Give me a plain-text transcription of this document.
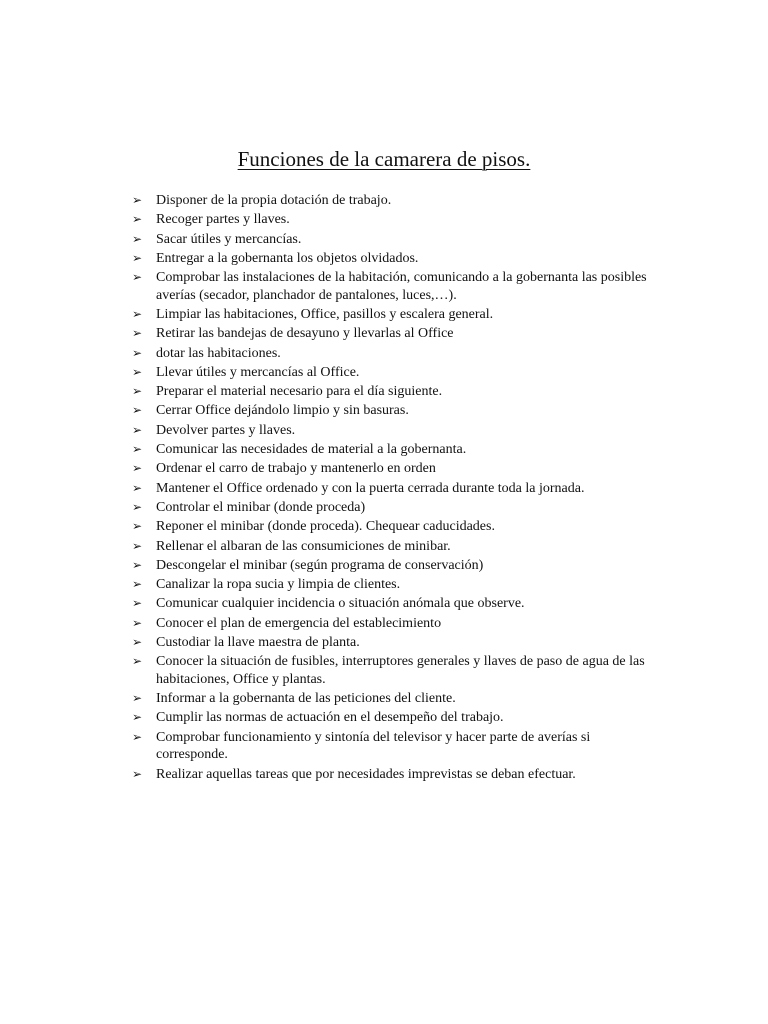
Funciones de la camarera de pisos.
➢ Disponer de la propia dotación de trabajo.
➢ Recoger partes y llaves.
➢ Sacar útiles y mercancías.
➢ Entregar a la gobernanta los objetos olvidados.
➢ Comprobar las instalaciones de la habitación, comunicando a la gobernanta las posibles averías (secador, planchador de pantalones, luces,…).
➢ Limpiar las habitaciones, Office, pasillos y escalera general.
➢ Retirar las bandejas de desayuno y llevarlas al Office
➢ dotar las habitaciones.
➢ Llevar útiles y mercancías al Office.
➢ Preparar el material necesario para el día siguiente.
➢ Cerrar Office dejándolo limpio y sin basuras.
➢ Devolver partes y llaves.
➢ Comunicar las necesidades de material a la gobernanta.
➢ Ordenar el carro de trabajo y mantenerlo en orden
➢ Mantener el Office ordenado y con la puerta cerrada durante toda la jornada.
➢ Controlar el minibar (donde proceda)
➢ Reponer el minibar (donde proceda). Chequear caducidades.
➢ Rellenar el albaran de las consumiciones de minibar.
➢ Descongelar el minibar (según programa de conservación)
➢ Canalizar la ropa sucia y limpia de clientes.
➢ Comunicar cualquier incidencia o situación anómala que observe.
➢ Conocer el plan de emergencia del establecimiento
➢ Custodiar la llave maestra de planta.
➢ Conocer la situación de fusibles, interruptores generales y llaves de paso de agua de las habitaciones, Office y plantas.
➢ Informar a la gobernanta de las peticiones del cliente.
➢ Cumplir las normas de actuación en el desempeño del trabajo.
➢ Comprobar funcionamiento y sintonía del televisor y hacer parte de averías si corresponde.
➢ Realizar aquellas tareas que por necesidades imprevistas se deban efectuar.
